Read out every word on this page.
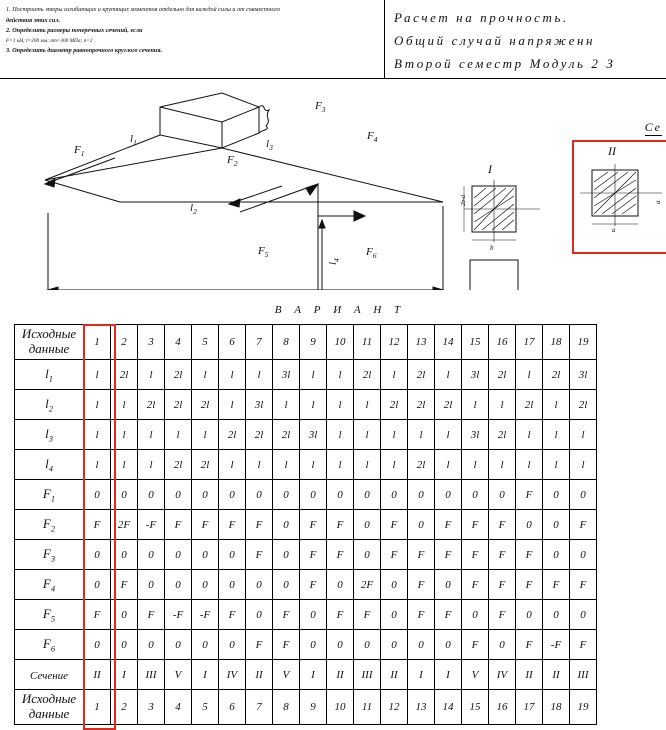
1. Построить эпюры изгибающих и крутящих моментов отдельно для каждой силы и от совместного
действия этих сил.
2. Определить размеры поперечных сечений, если
F=1 кН; l=200 мм; σт=300 МПа; n=2
3. Определить диаметр равнопрочного круглого сечения.
Расчет на прочность.
Общий случай напряженн
Второй семестр Модуль 2 З
$l_1$
$l_2$
$l_3$
$l_4$
$F_1$
$F_2$
$F_3$
$F_4$
$F_5$	$F_6$
Се
I
2b-d
b
II
a
a
	В А Р И А Н Т																		
Исходные
данные	1	2	3	4	5	6	7	8	9	10	11	12	13	14	15	16	17	18	19
$l_1$	l	2l	l	2l	l	l	l	3l	l	l	2l	l	2l	l	3l	2l	l	2l	3l
$l_2$	l	l	2l	2l	2l	l	3l	l	l	l	l	2l	2l	2l	l	l	2l	l	2l
$l_3$	l	l	l	l	l	2l	2l	2l	3l	l	l	l	l	l	3l	2l	l	l	l
$l_4$	l	l	l	2l	2l	l	l	l	l	l	l	l	2l	l	l	l	l	l	l
$F_1$	0	0	0	0	0	0	0	0	0	0	0	0	0	0	0	0	F	0	0
$F_2$	F	2F	-F	F	F	F	F	0	F	F	0	F	0	F	F	F	0	0	F
$F_3$	0	0	0	0	0	0	F	0	F	F	0	F	F	F	F	F	F	0	0
$F_4$	0	F	0	0	0	0	0	0	F	0	2F	0	F	0	F	F	F	F	F
$F_5$	F	0	F	-F	-F	F	0	F	0	F	F	0	F	F	0	F	0	0	0
$F_6$	0	0	0	0	0	0	F	F	0	0	0	0	0	0	F	0	F	-F	F
Сечение	II	I	III	V	I	IV	II	V	I	II	III	II	I	I	V	IV	II	II	III
Исходные
данные	1	2	3	4	5	6	7	8	9	10	11	12	13	14	15	16	17	18	19
